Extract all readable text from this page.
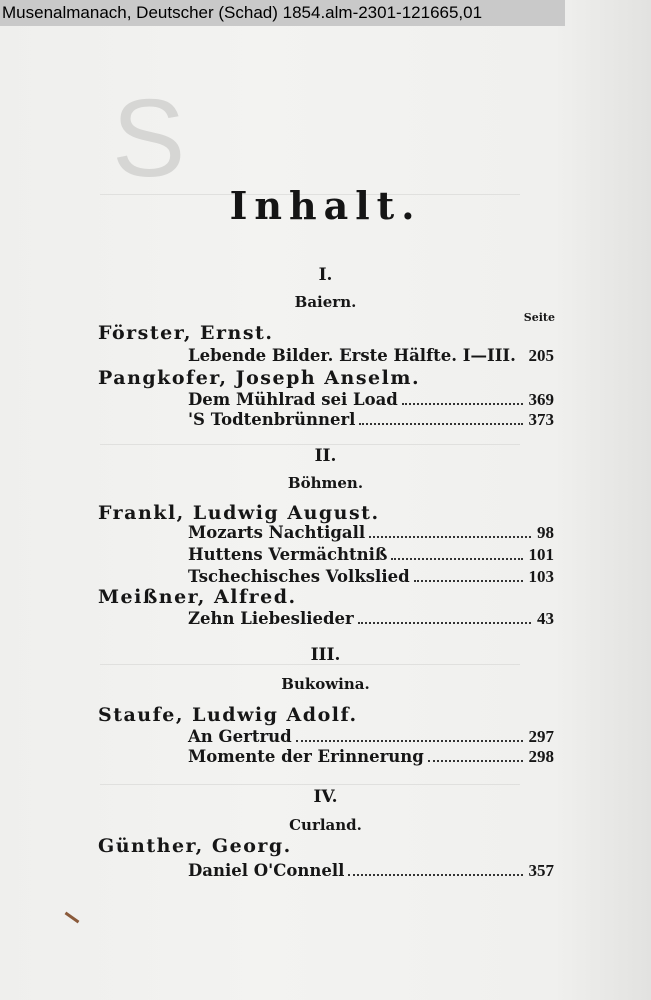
S
Inhalt.
I.
Baiern.
Seite
Förster, Ernst.
Lebende Bilder. Erste Hälfte. I—III. 205
Pangkofer, Joseph Anselm.
Dem Mühlrad sei Load	369
'S Todtenbrünnerl	373
II.
Böhmen.
Frankl, Ludwig August.
Mozarts Nachtigall	98
Huttens Vermächtniß	101
Tschechisches Volkslied	103
Meißner, Alfred.
Zehn Liebeslieder	43
III.
Bukowina.
Staufe, Ludwig Adolf.
An Gertrud	297
Momente der Erinnerung	298
IV.
Curland.
Günther, Georg.
Daniel O'Connell	357
Musenalmanach, Deutscher (Schad) 1854.alm-2301-121665,01
